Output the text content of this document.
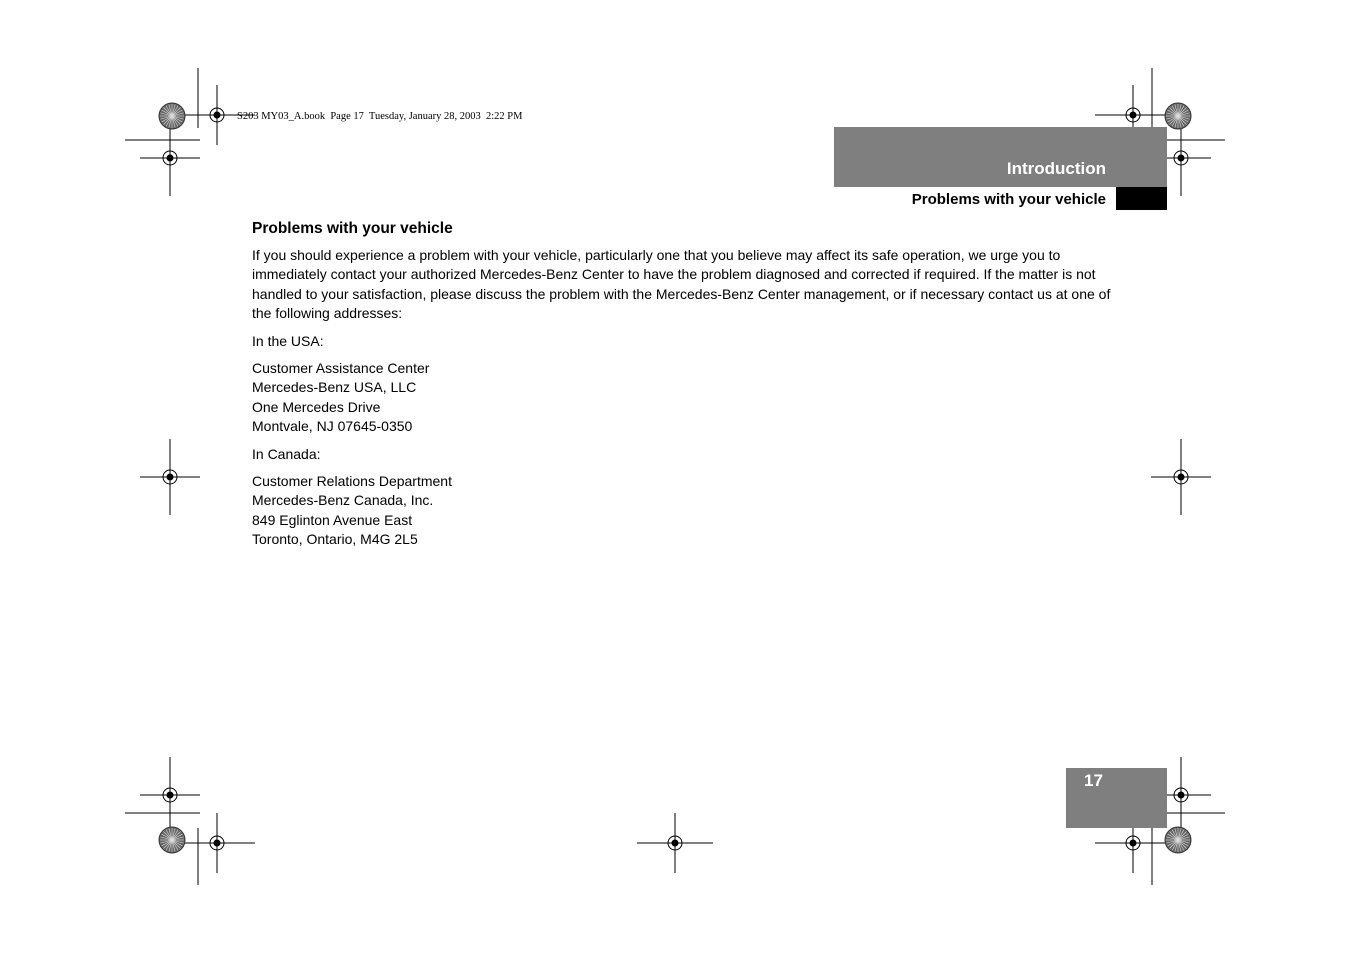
S203 MY03_A.book  Page 17  Tuesday, January 28, 2003  2:22 PM
Introduction
Problems with your vehicle
Problems with your vehicle

If you should experience a problem with your vehicle, particularly one that you believe may affect its safe operation, we urge you to immediately contact your authorized Mercedes-Benz Center to have the problem diagnosed and corrected if required. If the matter is not handled to your satisfaction, please discuss the problem with the Mercedes-Benz Center management, or if necessary contact us at one of the following addresses:

In the USA:

Customer Assistance Center
Mercedes-Benz USA, LLC
One Mercedes Drive
Montvale, NJ 07645-0350

In Canada:

Customer Relations Department
Mercedes-Benz Canada, Inc.
849 Eglinton Avenue East
Toronto, Ontario, M4G 2L5
17
